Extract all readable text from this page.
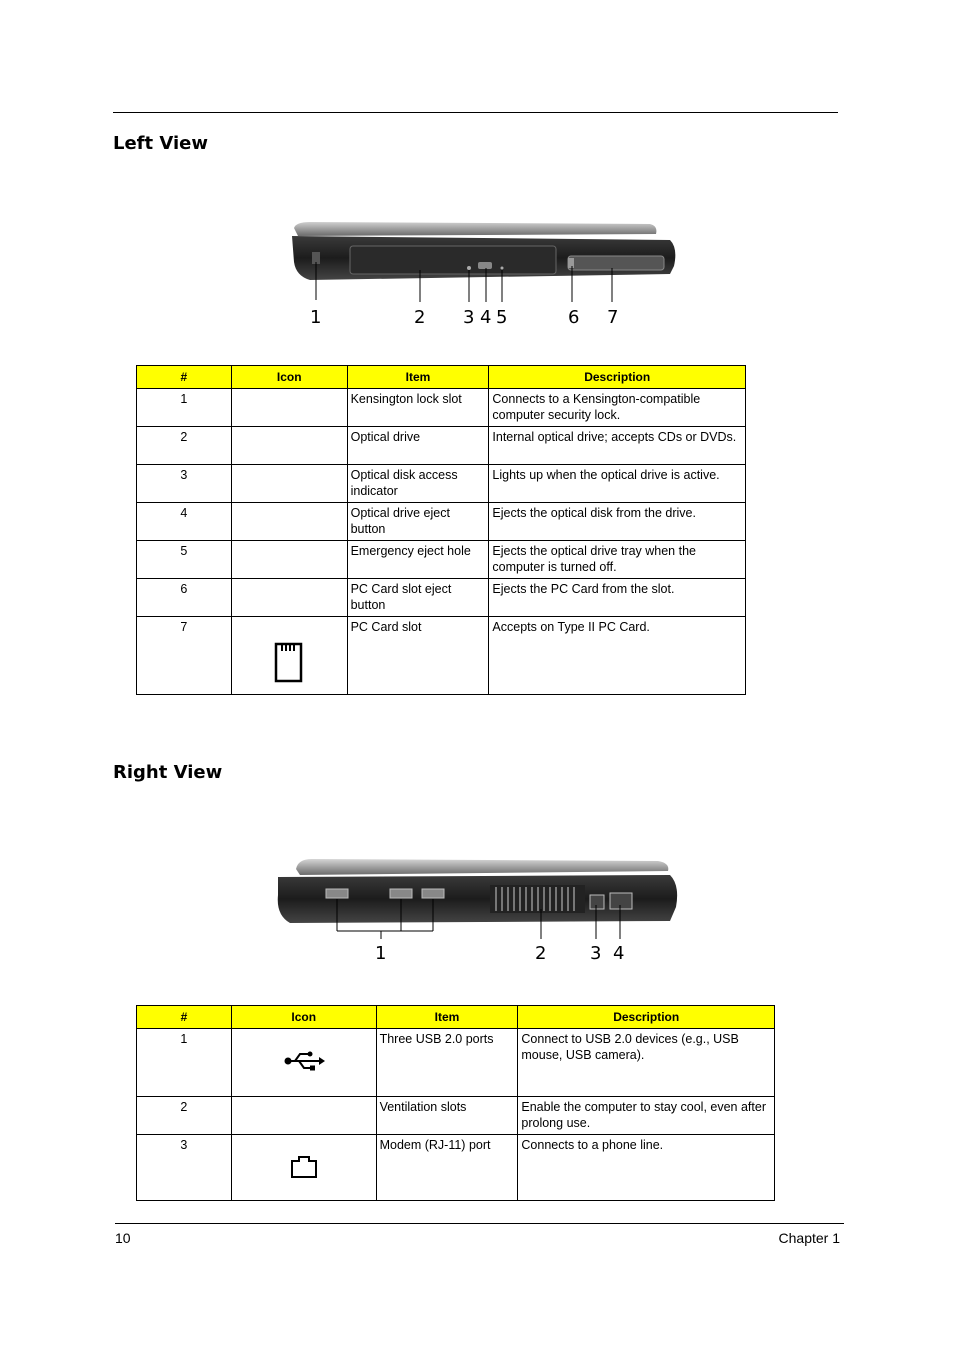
Left View
1	2 3 4 5	6 7
#	Icon	Item	Description
1		Kensington lock slot	Connects to a Kensington-compatible computer security lock.
2		Optical drive	Internal optical drive; accepts CDs or DVDs.
3		Optical disk access indicator	Lights up when the optical drive is active.
4		Optical drive eject button	Ejects the optical disk from the drive.
5		Emergency eject hole	Ejects the optical drive tray when the computer is turned off.
6		PC Card slot eject button	Ejects the PC Card from the slot.
7		PC Card slot	Accepts on Type II PC Card.
Right View
1	2 3 4
#	Icon	Item	Description
1		Three USB 2.0 ports	Connect to USB 2.0 devices (e.g., USB mouse, USB camera).
2		Ventilation slots	Enable the computer to stay cool, even after prolong use.
3		Modem (RJ-11) port	Connects to a phone line.
10	Chapter 1
